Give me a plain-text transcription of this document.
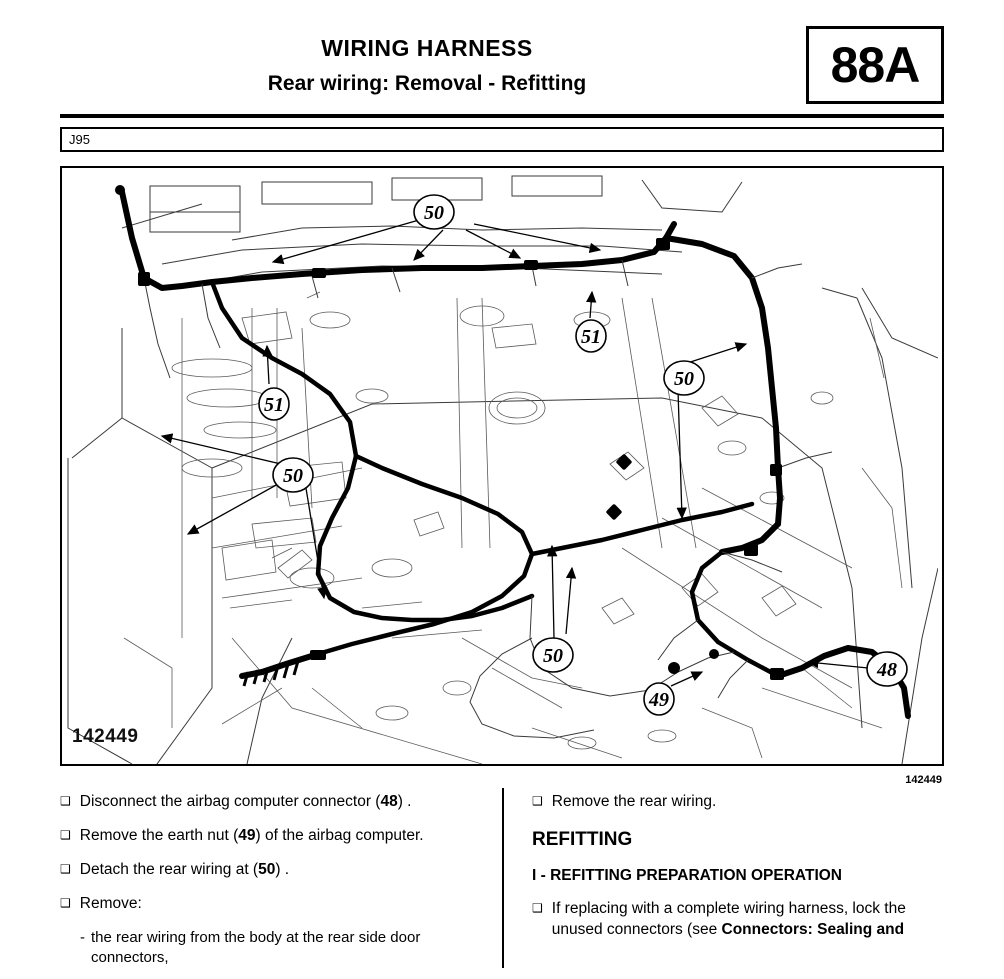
WIRING HARNESS
Rear wiring: Removal - Refitting	88A
J95
50
51
51
50
50
50
49
48
142449
142449
❑ Disconnect the airbag computer connector (48) .
❑ Remove the earth nut (49) of the airbag computer.
❑ Detach the rear wiring at (50) .
❑ Remove:
- the rear wiring from the body at the rear side door connectors,
❑ Remove the rear wiring.
REFITTING
I - REFITTING PREPARATION OPERATION
❑ If replacing with a complete wiring harness, lock the unused connectors (see Connectors: Sealing and
